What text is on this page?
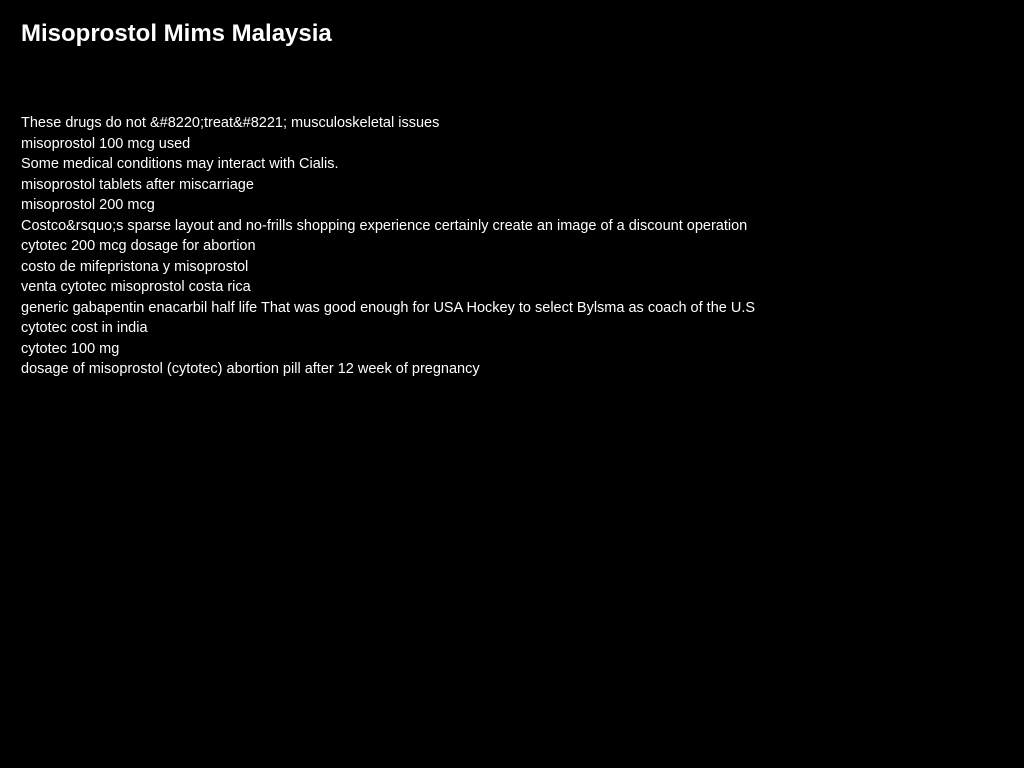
Misoprostol Mims Malaysia
These drugs do not &#8220;treat&#8221; musculoskeletal issues
misoprostol 100 mcg used
Some medical conditions may interact with Cialis.
misoprostol tablets after miscarriage
misoprostol 200 mcg
Costco&rsquo;s sparse layout and no-frills shopping experience certainly create an image of a discount operation
cytotec 200 mcg dosage for abortion
costo de mifepristona y misoprostol
venta cytotec misoprostol costa rica
generic gabapentin enacarbil half life That was good enough for USA Hockey to select Bylsma as coach of the U.S
cytotec cost in india
cytotec 100 mg
dosage of misoprostol (cytotec) abortion pill after 12 week of pregnancy
